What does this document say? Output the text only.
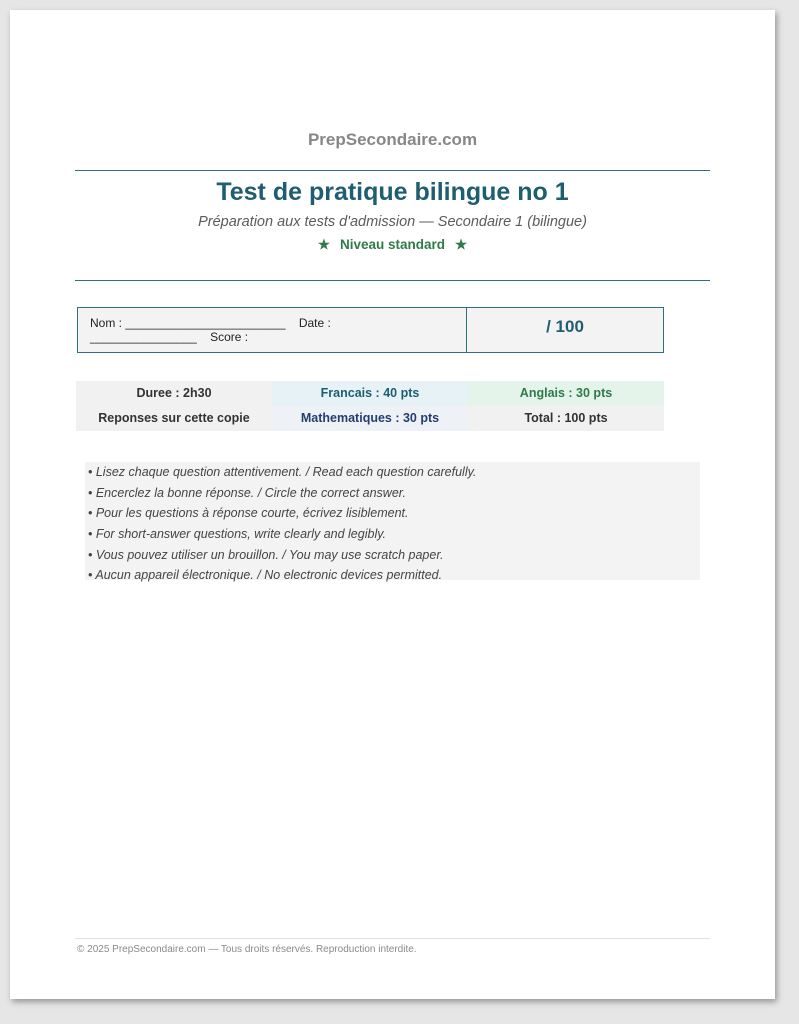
PrepSecondaire.com
Test de pratique bilingue no 1
Préparation aux tests d'admission — Secondaire 1 (bilingue)
★ Niveau standard ★
Nom : ________________________    Date :
________________    Score :
/ 100
Duree : 2h30	Francais : 40 pts	Anglais : 30 pts
Reponses sur cette copie	Mathematiques : 30 pts	Total : 100 pts
• Lisez chaque question attentivement. / Read each question carefully.
• Encerclez la bonne réponse. / Circle the correct answer.
• Pour les questions à réponse courte, écrivez lisiblement.
• For short-answer questions, write clearly and legibly.
• Vous pouvez utiliser un brouillon. / You may use scratch paper.
• Aucun appareil électronique. / No electronic devices permitted.
© 2025 PrepSecondaire.com — Tous droits réservés. Reproduction interdite.
